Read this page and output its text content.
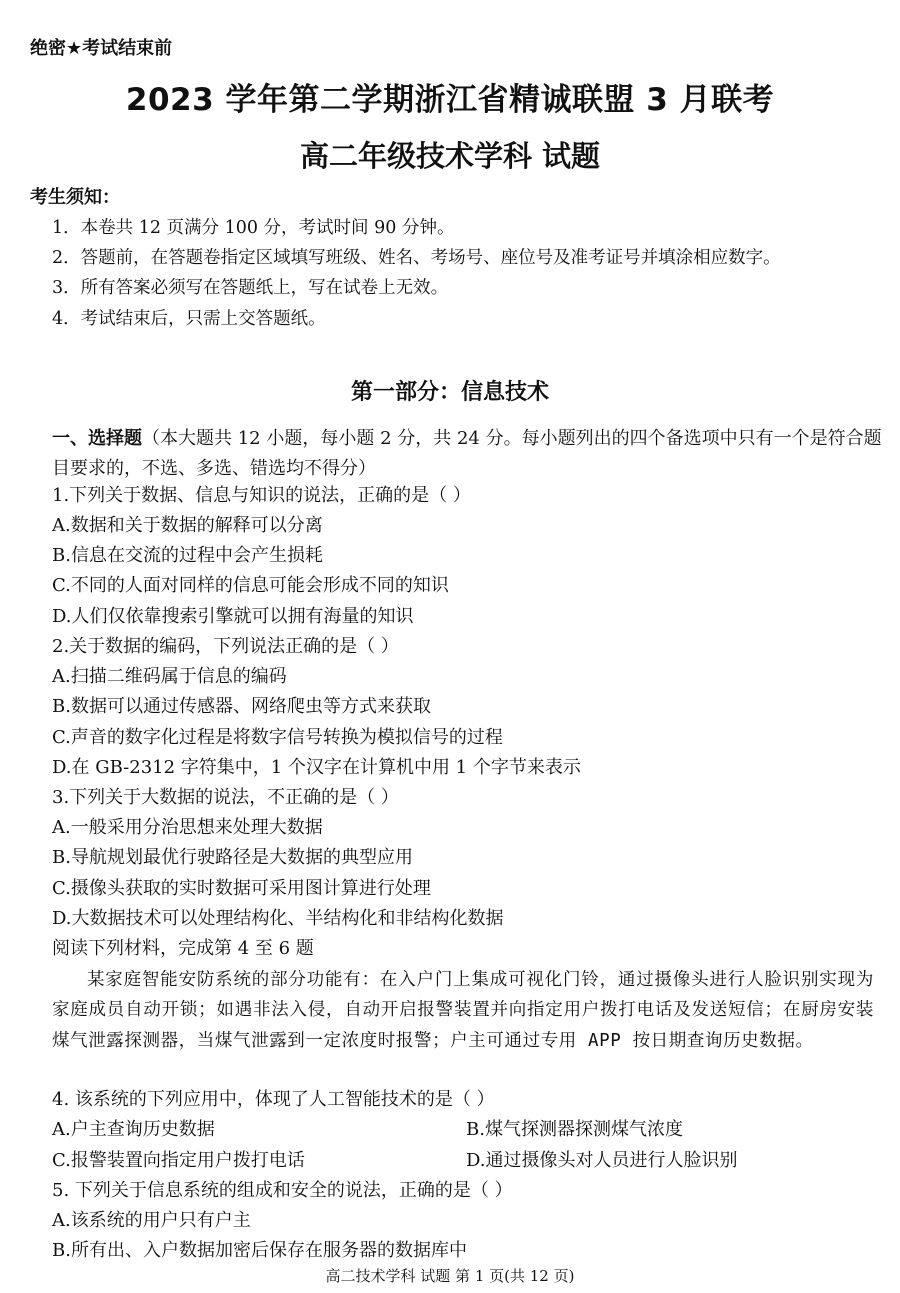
绝密★考试结束前
2023 学年第二学期浙江省精诚联盟 3 月联考
高二年级技术学科 试题
考生须知：
1．本卷共 12 页满分 100 分，考试时间 90 分钟。
2．答题前，在答题卷指定区域填写班级、姓名、考场号、座位号及准考证号并填涂相应数字。
3．所有答案必须写在答题纸上，写在试卷上无效。
4．考试结束后，只需上交答题纸。
第一部分：信息技术
一、选择题（本大题共 12 小题，每小题 2 分，共 24 分。每小题列出的四个备选项中只有一个是符合题目要求的，不选、多选、错选均不得分）
1.下列关于数据、信息与知识的说法，正确的是（ ）
A.数据和关于数据的解释可以分离
B.信息在交流的过程中会产生损耗
C.不同的人面对同样的信息可能会形成不同的知识
D.人们仅依靠搜索引擎就可以拥有海量的知识
2.关于数据的编码，下列说法正确的是（ ）
A.扫描二维码属于信息的编码
B.数据可以通过传感器、网络爬虫等方式来获取
C.声音的数字化过程是将数字信号转换为模拟信号的过程
D.在 GB-2312 字符集中，1 个汉字在计算机中用 1 个字节来表示
3.下列关于大数据的说法，不正确的是（ ）
A.一般采用分治思想来处理大数据
B.导航规划最优行驶路径是大数据的典型应用
C.摄像头获取的实时数据可采用图计算进行处理
D.大数据技术可以处理结构化、半结构化和非结构化数据
阅读下列材料，完成第 4 至 6 题
某家庭智能安防系统的部分功能有：在入户门上集成可视化门铃，通过摄像头进行人脸识别实现为家庭成员自动开锁；如遇非法入侵，自动开启报警装置并向指定用户拨打电话及发送短信；在厨房安装煤气泄露探测器，当煤气泄露到一定浓度时报警；户主可通过专用 APP 按日期查询历史数据。
4. 该系统的下列应用中，体现了人工智能技术的是（ ）
A.户主查询历史数据	B.煤气探测器探测煤气浓度
C.报警装置向指定用户拨打电话	D.通过摄像头对人员进行人脸识别
5. 下列关于信息系统的组成和安全的说法，正确的是（ ）
A.该系统的用户只有户主
B.所有出、入户数据加密后保存在服务器的数据库中
高二技术学科 试题 第 1 页(共 12 页)
